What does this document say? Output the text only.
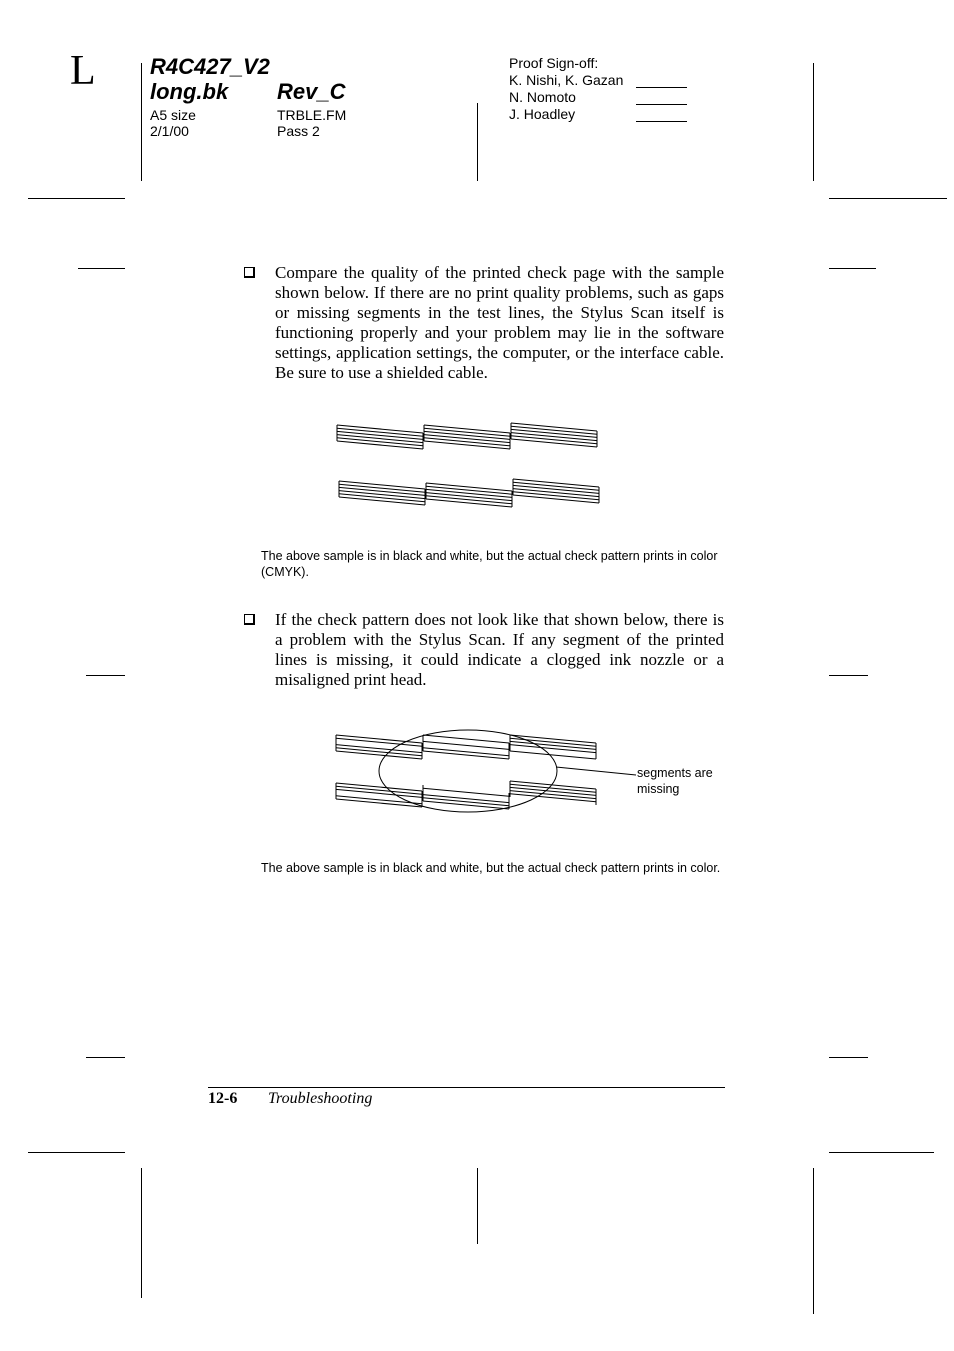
L R4C427_V2
long.bk Rev_C
A5 size
2/1/00
TRBLE.FM
Pass 2
Proof Sign-off:
K. Nishi, K. Gazan
N. Nomoto
J. Hoadley
Compare the quality of the printed check page with the sample shown below. If there are no print quality problems, such as gaps or missing segments in the test lines, the Stylus Scan itself is functioning properly and your problem may lie in the software settings, application settings, the computer, or the interface cable. Be sure to use a shielded cable.
The above sample is in black and white, but the actual check pattern prints in color (CMYK).
If the check pattern does not look like that shown below, there is a problem with the Stylus Scan. If any segment of the printed lines is missing, it could indicate a clogged ink nozzle or a misaligned print head.
segments are missing
The above sample is in black and white, but the actual check pattern prints in color.
12-6 Troubleshooting
